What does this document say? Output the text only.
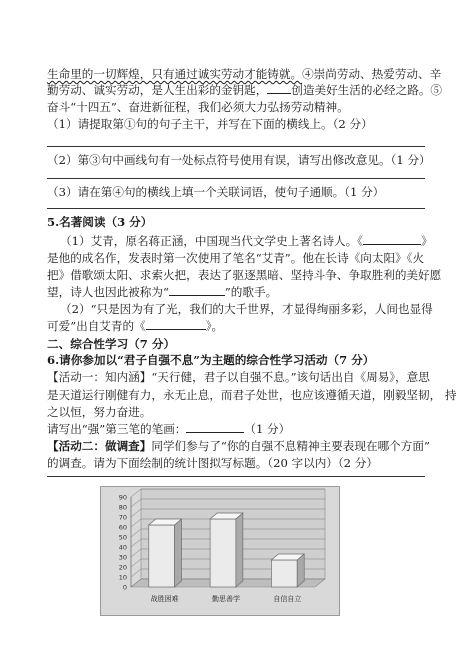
生命里的一切辉煌，只有通过诚实劳动才能铸就。④崇尚劳动、热爱劳动、辛
勤劳动、诚实劳动，是人生出彩的金钥匙， 创造美好生活的必经之路。⑤
奋斗“十四五”、奋进新征程，我们必须大力弘扬劳动精神。
（1）请提取第①句的句子主干，并写在下面的横线上。（2 分）
（2）第③句中画线句有一处标点符号使用有误，请写出修改意见。（1 分）
（3）请在第④句的横线上填一个关联词语，使句子通顺。（1 分）
5.名著阅读（3 分）
（1）艾青，原名蒋正涵，中国现当代文学史上著名诗人。《	》
是他的成名作，发表时第一次使用了笔名“艾青”。他在长诗《向太阳》《火
把》借歌颂太阳、求索火把，表达了驱逐黑暗、坚持斗争、争取胜利的美好愿
望，诗人也因此被称为“	”的歌手。
（2）“只是因为有了光，我们的大千世界，才显得绚丽多彩，人间也显得
可爱”出自艾青的《	》。
二、综合性学习（7 分）
6.请你参加以“君子自强不息”为主题的综合性学习活动（7 分）
【活动一：知内涵】“天行健，君子以自强不息。”该句话出自《周易》，意思
是天道运行刚健有力，永无止息，而君子处世，也应该遵循天道，刚毅坚韧， 持
之以恒，努力奋进。
请写出“强”第三笔的笔画：	（1 分）
【活动二：做调查】同学们参与了“你的自强不息精神主要表现在哪个方面”
的调查。请为下面绘制的统计图拟写标题。（20 字以内）（2 分）
0
10
20
30
40
50
60
70
80
90
战胜困难	勤思善学	自信自立
